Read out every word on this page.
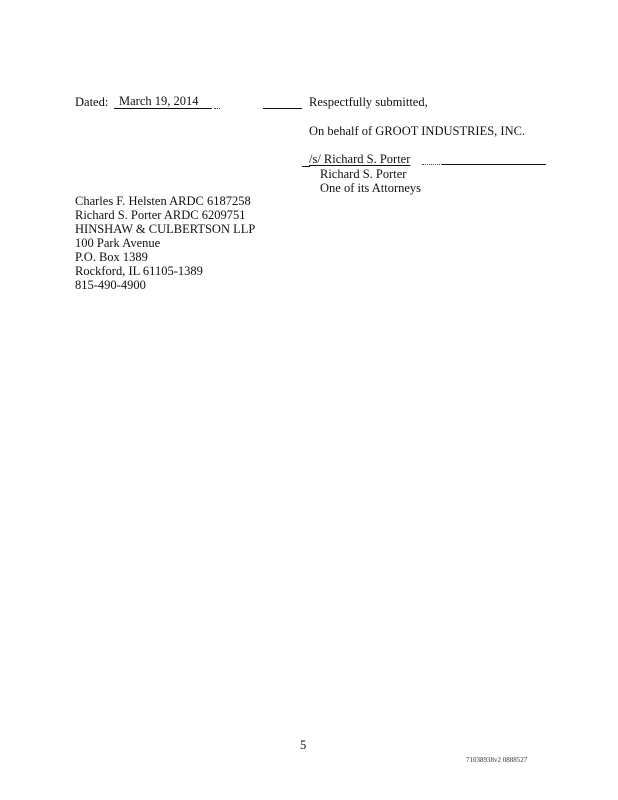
Dated: March 19, 2014	Respectfully submitted,
On behalf of GROOT INDUSTRIES, INC.
/s/ Richard S. Porter
Richard S. Porter
One of its Attorneys
Charles F. Helsten ARDC 6187258
Richard S. Porter ARDC 6209751
HINSHAW & CULBERTSON LLP
100 Park Avenue
P.O. Box 1389
Rockford, IL 61105-1389
815-490-4900
5
71038938v2 0888527
